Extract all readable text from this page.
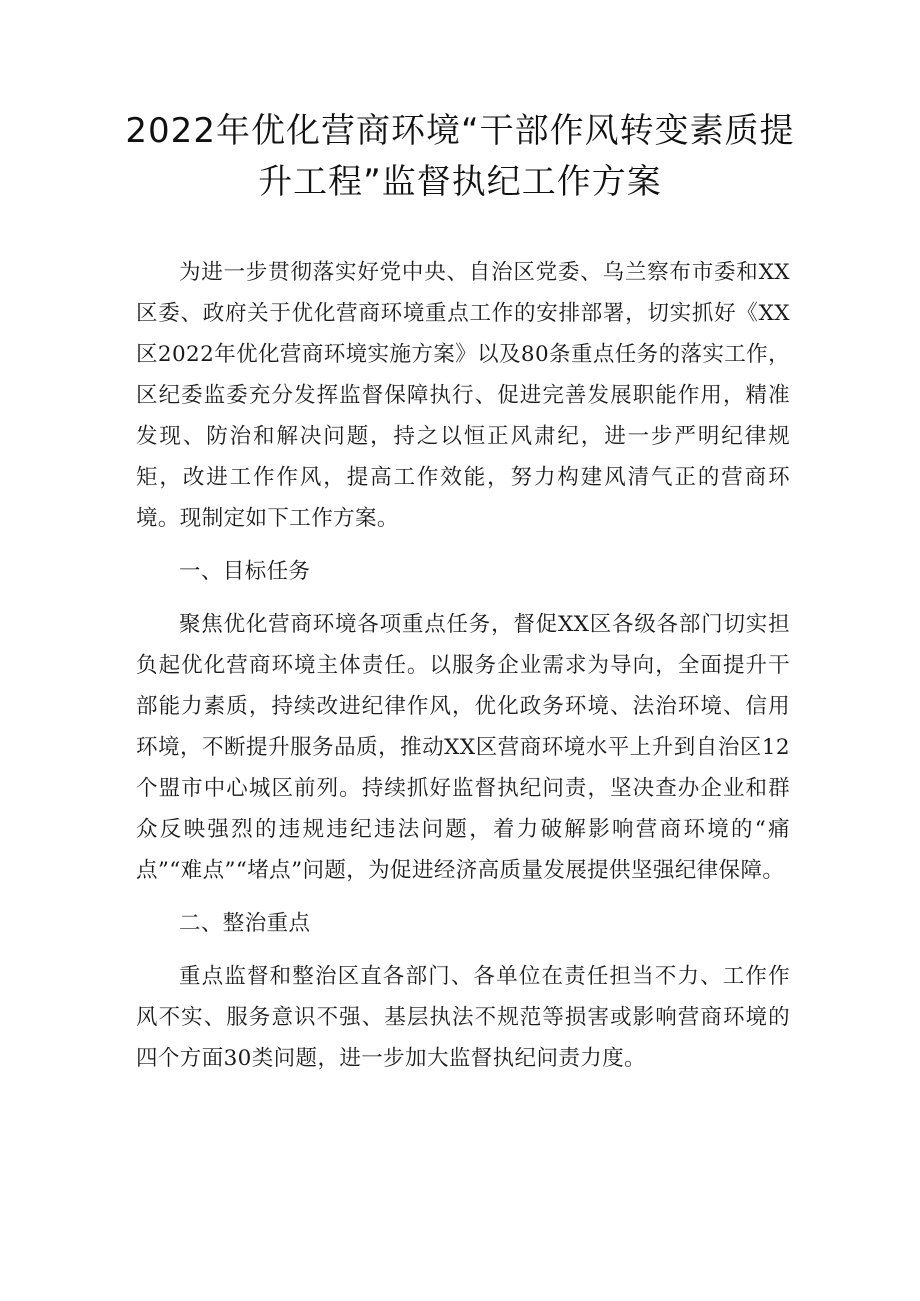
2022年优化营商环境“干部作风转变素质提
升工程”监督执纪工作方案

为进一步贯彻落实好党中央、自治区党委、乌兰察布市委和XX区委、政府关于优化营商环境重点工作的安排部署，切实抓好《XX区2022年优化营商环境实施方案》以及80条重点任务的落实工作，区纪委监委充分发挥监督保障执行、促进完善发展职能作用，精准发现、防治和解决问题，持之以恒正风肃纪，进一步严明纪律规矩，改进工作作风，提高工作效能，努力构建风清气正的营商环境。现制定如下工作方案。

一、目标任务

聚焦优化营商环境各项重点任务，督促XX区各级各部门切实担负起优化营商环境主体责任。以服务企业需求为导向，全面提升干部能力素质，持续改进纪律作风，优化政务环境、法治环境、信用环境，不断提升服务品质，推动XX区营商环境水平上升到自治区12个盟市中心城区前列。持续抓好监督执纪问责，坚决查办企业和群众反映强烈的违规违纪违法问题，着力破解影响营商环境的“痛点”“难点”“堵点”问题，为促进经济高质量发展提供坚强纪律保障。

二、整治重点

重点监督和整治区直各部门、各单位在责任担当不力、工作作风不实、服务意识不强、基层执法不规范等损害或影响营商环境的四个方面30类问题，进一步加大监督执纪问责力度。
